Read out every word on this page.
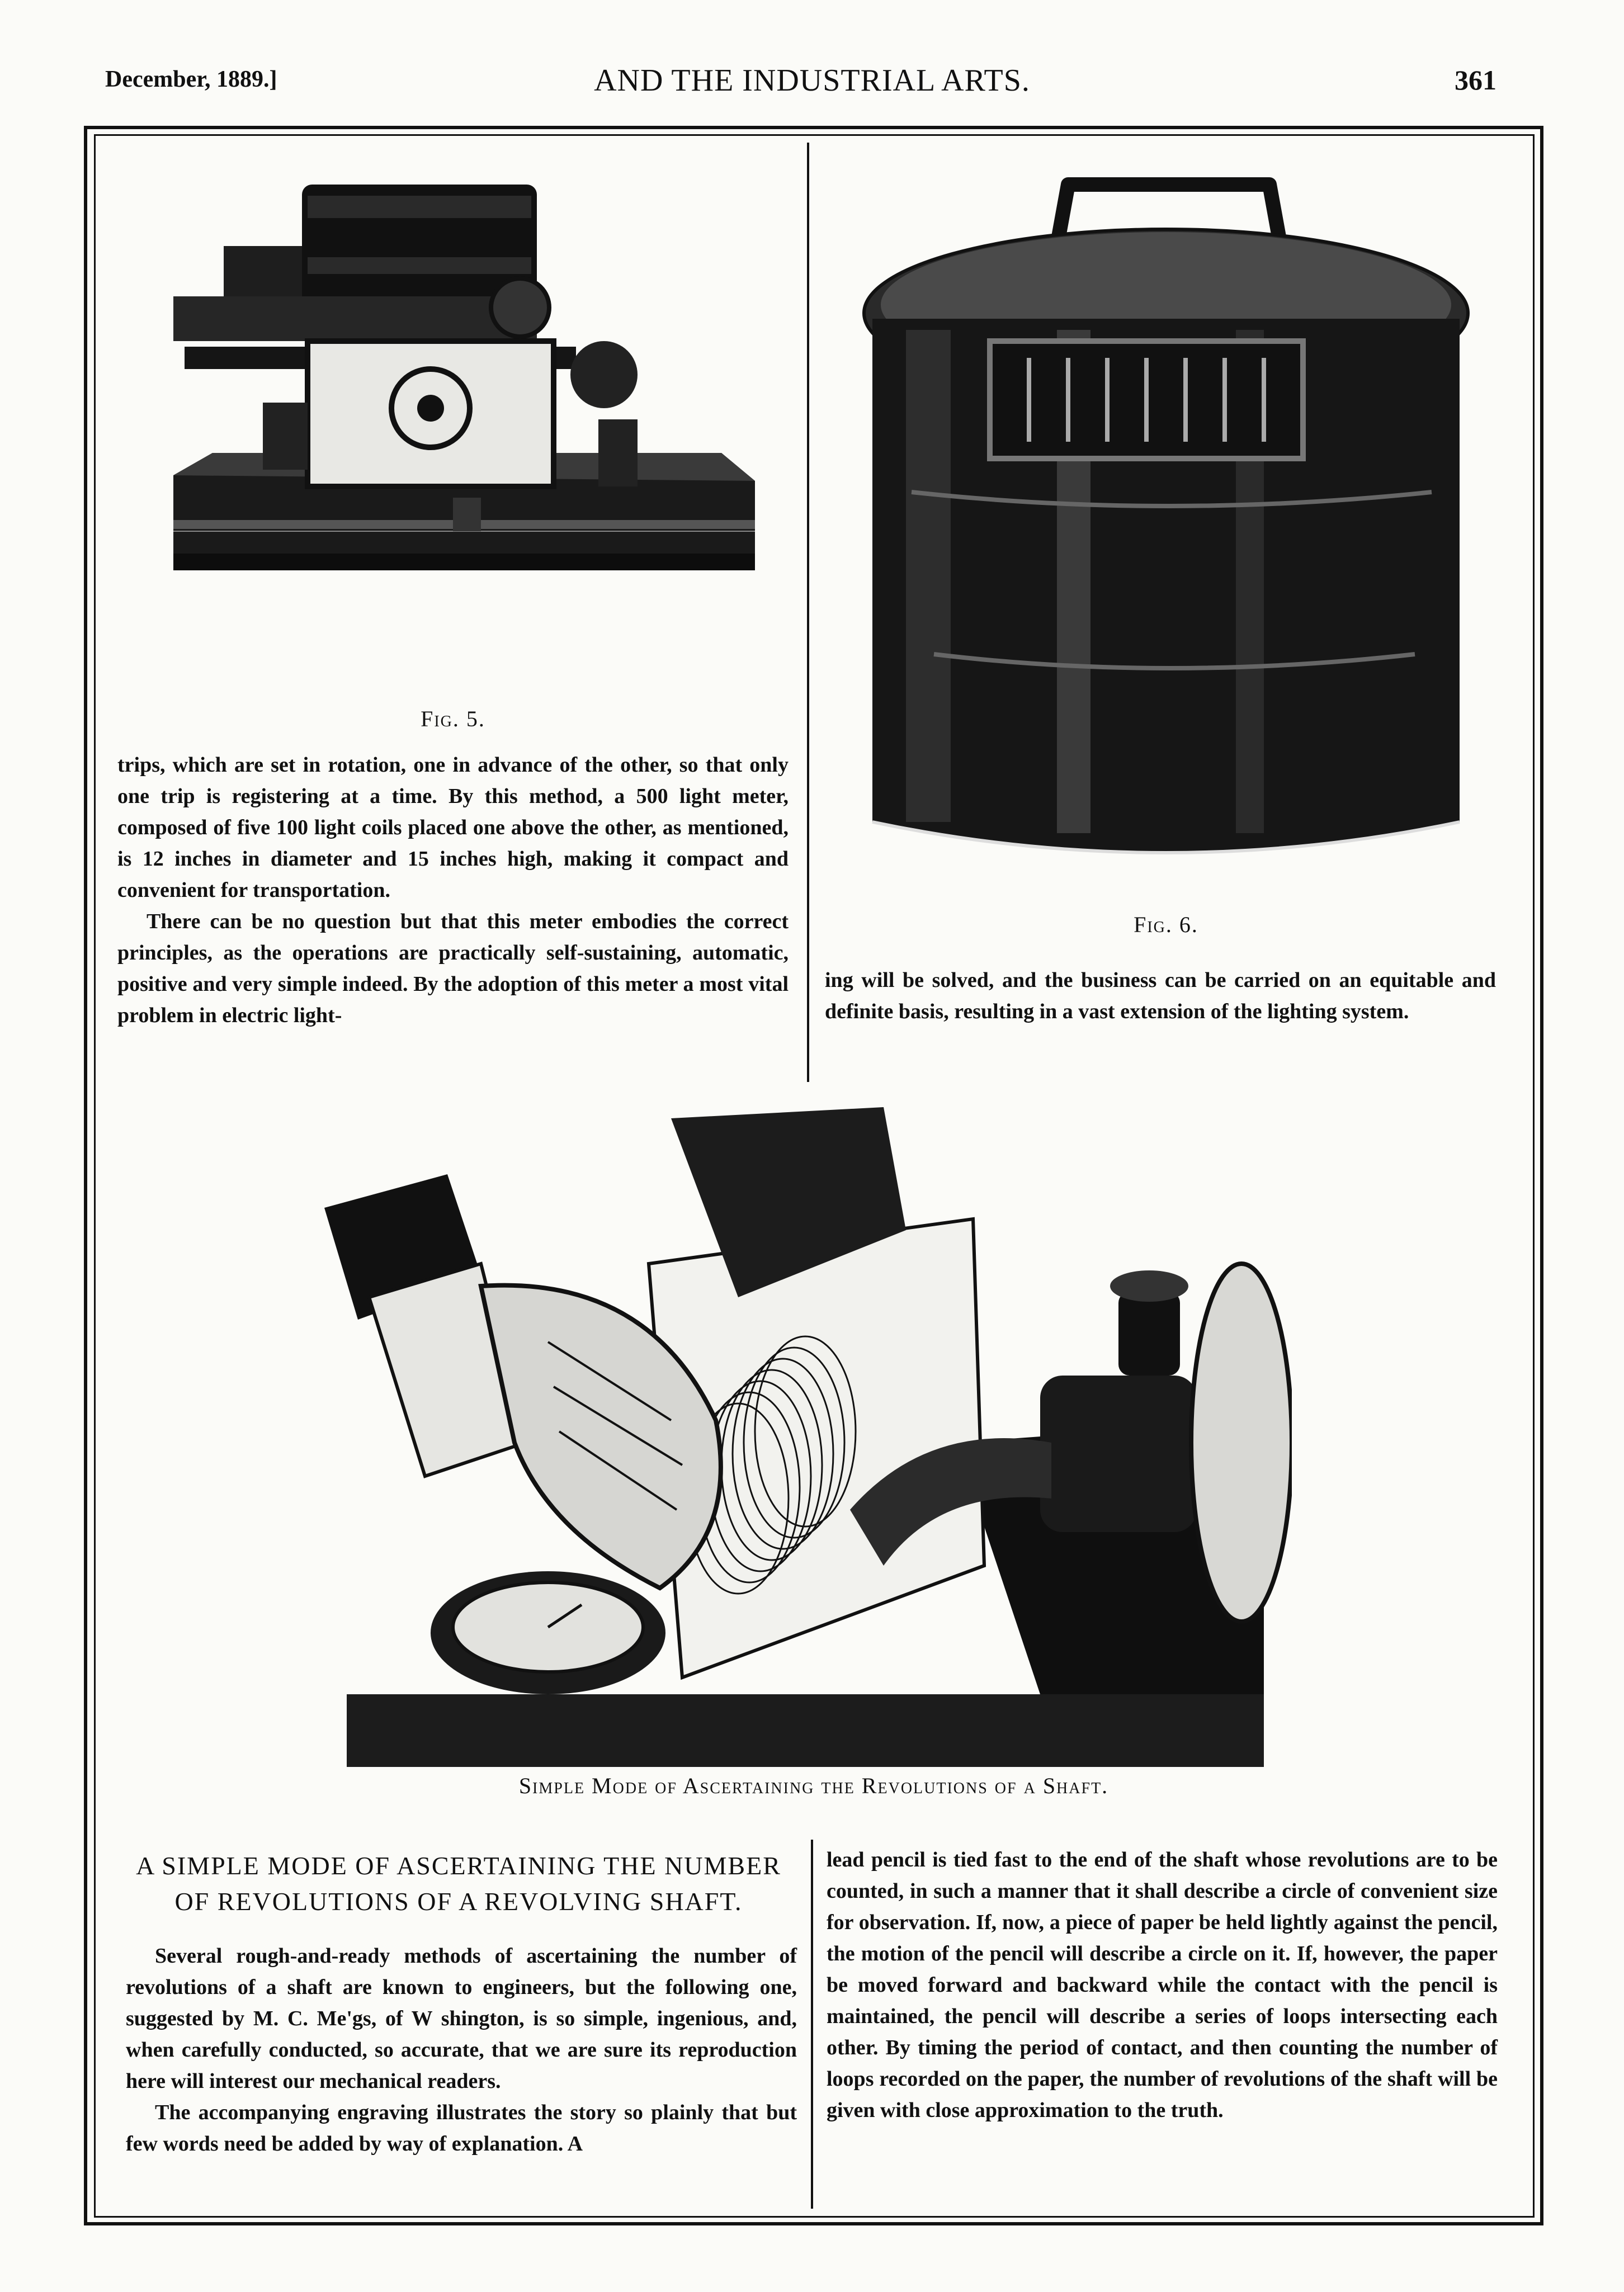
December, 1889.]	AND THE INDUSTRIAL ARTS.	361
Fig. 5.
Fig. 6.

trips, which are set in rotation, one in advance of the other, so that only one trip is registering at a time. By this method, a 500 light meter, composed of five 100 light coils placed one above the other, as mentioned, is 12 inches in diameter and 15 inches high, making it compact and convenient for transportation.

There can be no question but that this meter embodies the correct principles, as the operations are practically self-sustaining, automatic, positive and very simple indeed. By the adoption of this meter a most vital problem in electric light-

ing will be solved, and the business can be carried on an equitable and definite basis, resulting in a vast extension of the lighting system.

Simple Mode of Ascertaining the Revolutions of a Shaft.
A SIMPLE MODE OF ASCERTAINING THE NUMBER OF REVOLUTIONS OF A REVOLVING SHAFT.

Several rough-and-ready methods of ascertaining the number of revolutions of a shaft are known to engineers, but the following one, suggested by M. C. Me'gs, of W shington, is so simple, ingenious, and, when carefully conducted, so accurate, that we are sure its reproduction here will interest our mechanical readers.

The accompanying engraving illustrates the story so plainly that but few words need be added by way of explanation. A

lead pencil is tied fast to the end of the shaft whose revolutions are to be counted, in such a manner that it shall describe a circle of convenient size for observation. If, now, a piece of paper be held lightly against the pencil, the motion of the pencil will describe a circle on it. If, however, the paper be moved forward and backward while the contact with the pencil is maintained, the pencil will describe a series of loops intersecting each other. By timing the period of contact, and then counting the number of loops recorded on the paper, the number of revolutions of the shaft will be given with close approximation to the truth.
